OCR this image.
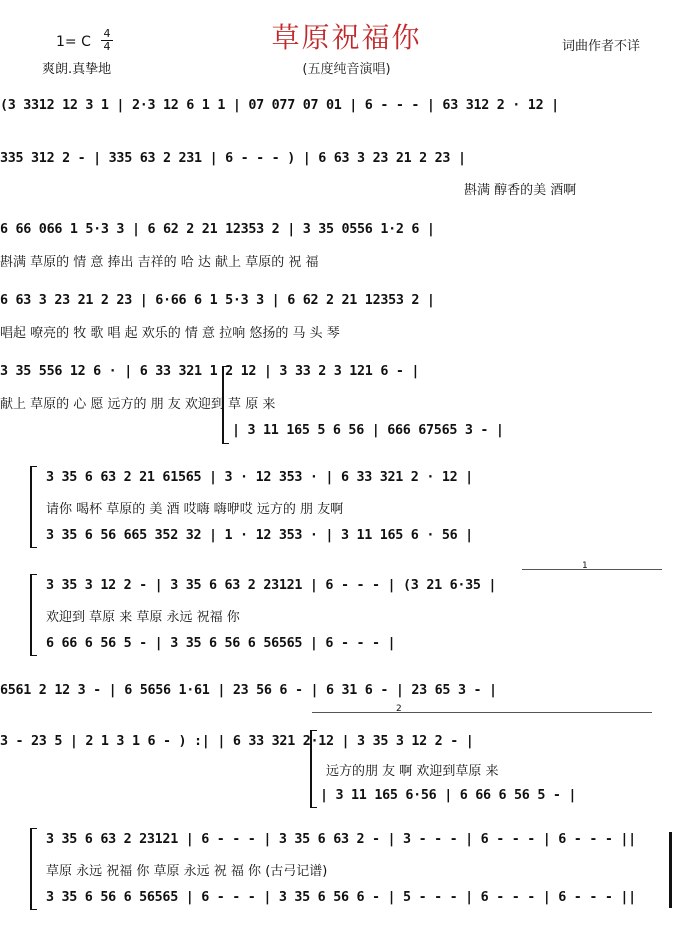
草原祝福你
(五度纯音演唱)
1= C
4
4
爽朗.真挚地
词曲作者不详
(3 3312 12 3 1 | 2·3 12 6 1 1 | 07 077 07 01 | 6 - - - | 63 312 2 · 12 |
335 312 2 - | 335 63 2 231 | 6 - - - ) | 6 63 3 23 21 2 23 |
斟满 醇香的美 酒啊
6 66 066 1 5·3 3 | 6 62 2 21 12353 2 | 3 35 0556 1·2 6 |
斟满 草原的 情 意 捧出 吉祥的 哈 达 献上 草原的 祝 福
6 63 3 23 21 2 23 | 6·66 6 1 5·3 3 | 6 62 2 21 12353 2 |
唱起 嘹亮的 牧 歌 唱 起 欢乐的 情 意 拉响 悠扬的 马 头 琴
3 35 556 12 6 · | 6 33 321 1 2 12 | 3 33 2 3 121 6 - |
献上 草原的 心 愿 远方的 朋 友 欢迎到 草 原 来
| 3 11 165 5 6 56 | 666 67565 3 - |
3 35 6 63 2 21 61565 | 3 · 12 353 · | 6 33 321 2 · 12 |
请你 喝杯 草原的 美 酒 哎嗨 嗨咿哎 远方的 朋 友啊
3 35 6 56 665 352 32 | 1 · 12 353 · | 3 11 165 6 · 56 |
1
3 35 3 12 2 - | 3 35 6 63 2 23121 | 6 - - - | (3 21 6·35 |
欢迎到 草原 来 草原 永远 祝福 你
6 66 6 56 5 - | 3 35 6 56 6 56565 | 6 - - - |
6561 2 12 3 - | 6 5656 1·61 | 23 56 6 - | 6 31 6 - | 23 65 3 - |
2
3 - 23 5 | 2 1 3 1 6 - ) :| | 6 33 321 2·12 | 3 35 3 12 2 - |
远方的朋 友 啊 欢迎到草原 来
| 3 11 165 6·56 | 6 66 6 56 5 - |
3 35 6 63 2 23121 | 6 - - - | 3 35 6 63 2 - | 3 - - - | 6 - - - | 6 - - - ||
草原 永远 祝福 你 草原 永远 祝 福 你 (古弓记谱)
3 35 6 56 6 56565 | 6 - - - | 3 35 6 56 6 - | 5 - - - | 6 - - - | 6 - - - ||
